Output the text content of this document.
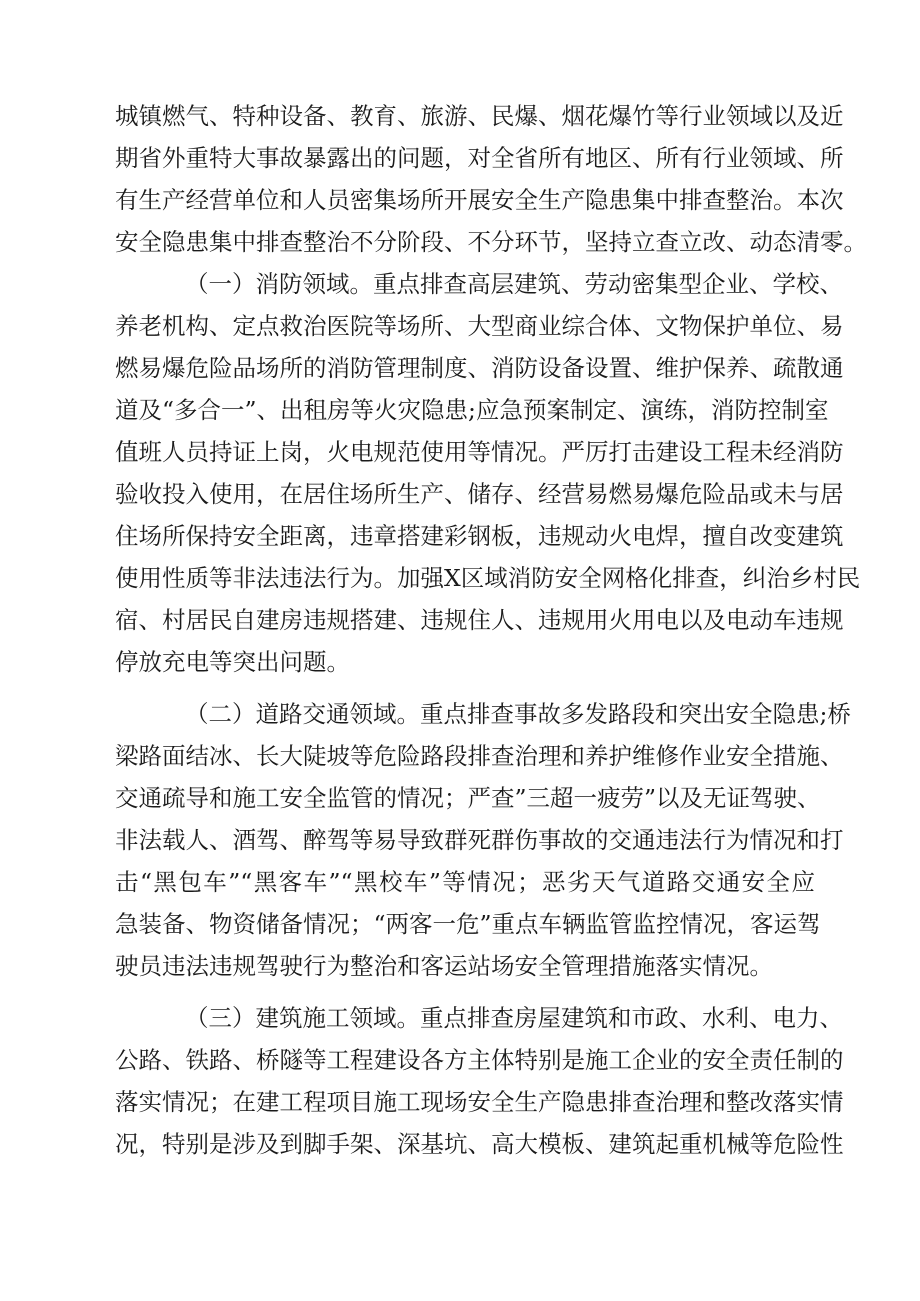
城镇燃气、特种设备、教育、旅游、民爆、烟花爆竹等行业领域以及近
期省外重特大事故暴露出的问题，对全省所有地区、所有行业领域、所
有生产经营单位和人员密集场所开展安全生产隐患集中排查整治。本次
安全隐患集中排查整治不分阶段、不分环节，坚持立查立改、动态清零。
（一）消防领域。重点排查高层建筑、劳动密集型企业、学校、
养老机构、定点救治医院等场所、大型商业综合体、文物保护单位、易
燃易爆危险品场所的消防管理制度、消防设备设置、维护保养、疏散通
道及“多合一”、出租房等火灾隐患;应急预案制定、演练，消防控制室
值班人员持证上岗，火电规范使用等情况。严厉打击建设工程未经消防
验收投入使用，在居住场所生产、储存、经营易燃易爆危险品或未与居
住场所保持安全距离，违章搭建彩钢板，违规动火电焊，擅自改变建筑
使用性质等非法违法行为。加强X区域消防安全网格化排查，纠治乡村民
宿、村居民自建房违规搭建、违规住人、违规用火用电以及电动车违规
停放充电等突出问题。
（二）道路交通领域。重点排查事故多发路段和突出安全隐患;桥
梁路面结冰、长大陡坡等危险路段排查治理和养护维修作业安全措施、
交通疏导和施工安全监管的情况；严查”三超一疲劳”以及无证驾驶、
非法载人、酒驾、醉驾等易导致群死群伤事故的交通违法行为情况和打
击“黑包车”“黑客车”“黑校车”等情况；恶劣天气道路交通安全应
急装备、物资储备情况；“两客一危”重点车辆监管监控情况，客运驾
驶员违法违规驾驶行为整治和客运站场安全管理措施落实情况。
（三）建筑施工领域。重点排查房屋建筑和市政、水利、电力、
公路、铁路、桥隧等工程建设各方主体特别是施工企业的安全责任制的
落实情况；在建工程项目施工现场安全生产隐患排查治理和整改落实情
况，特别是涉及到脚手架、深基坑、高大模板、建筑起重机械等危险性
